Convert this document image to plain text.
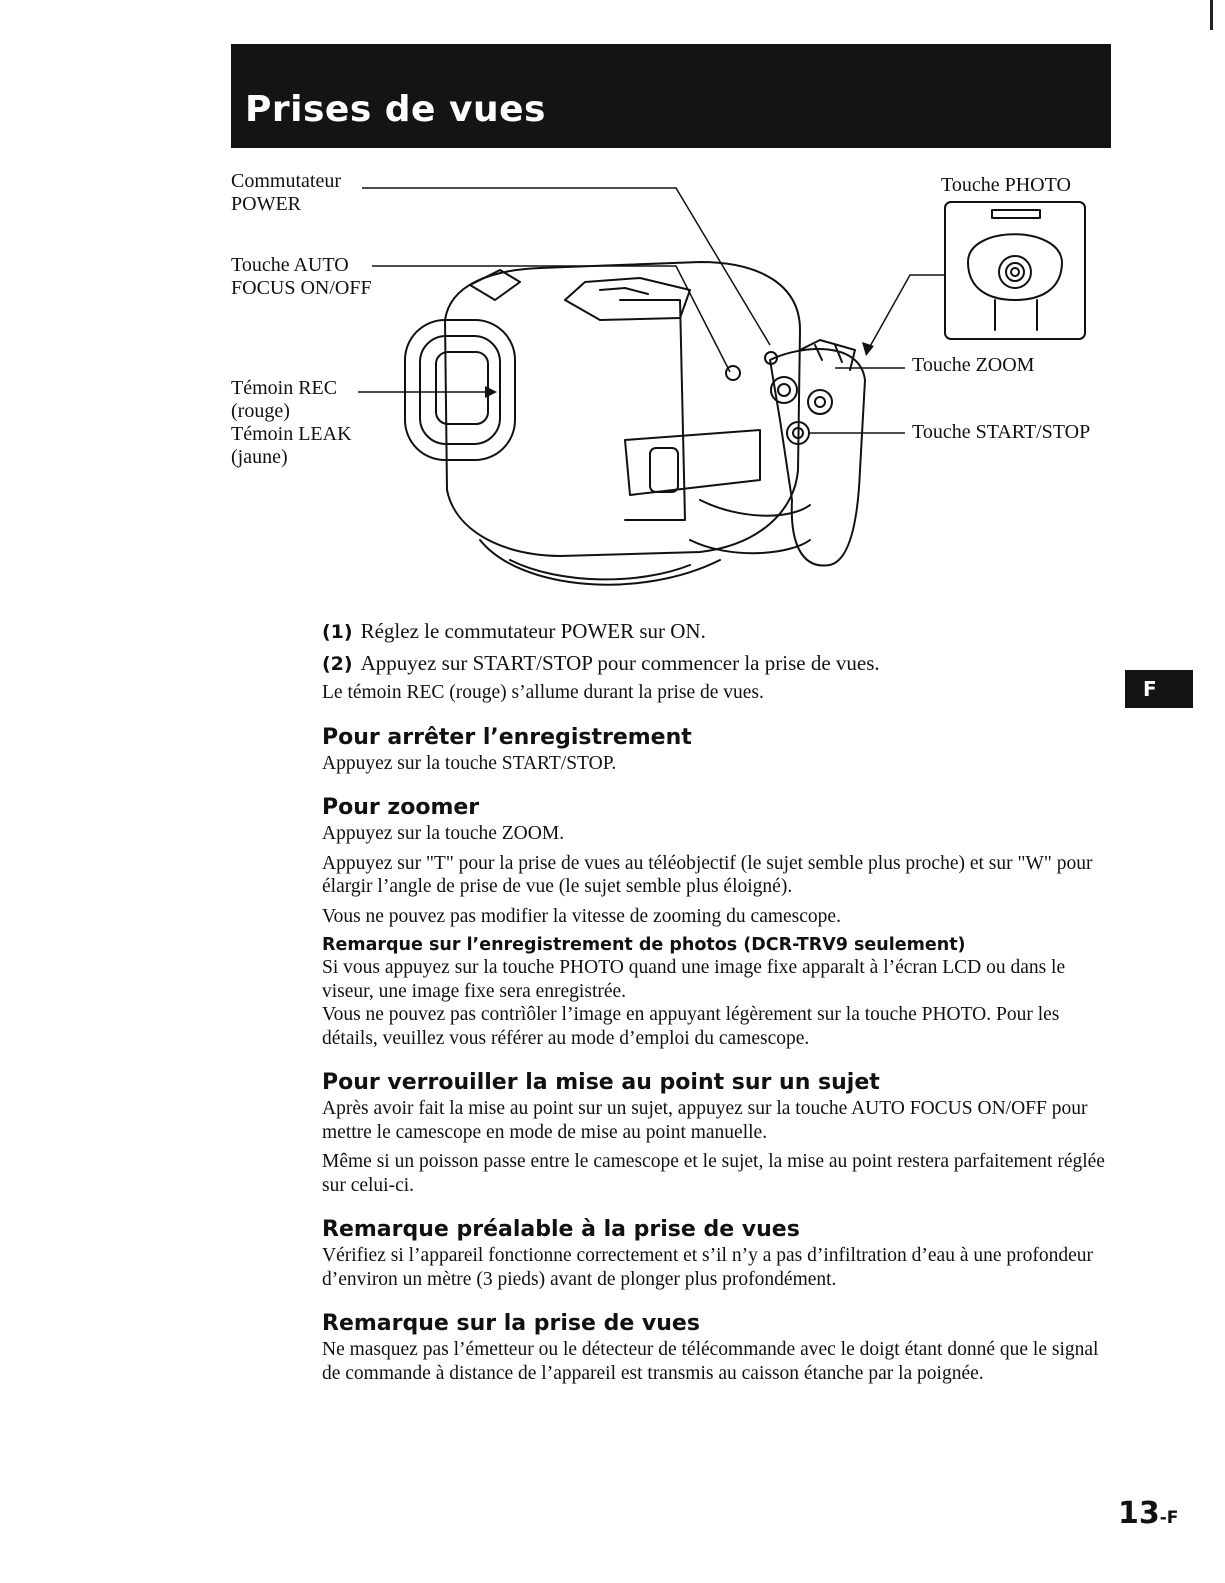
Prises de vues
Commutateur
POWER
Touche AUTO
FOCUS ON/OFF
Témoin REC
(rouge)
Témoin LEAK
(jaune)
Touche PHOTO
Touche ZOOM
Touche START/STOP

(1) Réglez le commutateur POWER sur ON.

(2) Appuyez sur START/STOP pour commencer la prise de vues.

Le témoin REC (rouge) s’allume durant la prise de vues.

Pour arrêter l’enregistrement

Appuyez sur la touche START/STOP.

Pour zoomer

Appuyez sur la touche ZOOM.

Appuyez sur "T" pour la prise de vues au téléobjectif (le sujet semble plus proche) et sur "W" pour élargir l’angle de prise de vue (le sujet semble plus éloigné).

Vous ne pouvez pas modifier la vitesse de zooming du camescope.

Remarque sur l’enregistrement de photos (DCR-TRV9 seulement)

Si vous appuyez sur la touche PHOTO quand une image fixe apparalt à l’écran LCD ou dans le viseur, une image fixe sera enregistrée.

Vous ne pouvez pas contrìôler l’image en appuyant légèrement sur la touche PHOTO. Pour les détails, veuillez vous référer au mode d’emploi du camescope.

Pour verrouiller la mise au point sur un sujet

Après avoir fait la mise au point sur un sujet, appuyez sur la touche AUTO FOCUS ON/OFF pour mettre le camescope en mode de mise au point manuelle.

Même si un poisson passe entre le camescope et le sujet, la mise au point restera parfaitement réglée sur celui-ci.

Remarque préalable à la prise de vues

Vérifiez si l’appareil fonctionne correctement et s’il n’y a pas d’infiltration d’eau à une profondeur d’environ un mètre (3 pieds) avant de plonger plus profondément.

Remarque sur la prise de vues

Ne masquez pas l’émetteur ou le détecteur de télécommande avec le doigt étant donné que le signal de commande à distance de l’appareil est transmis au caisson étanche par la poignée.

F
13-F
